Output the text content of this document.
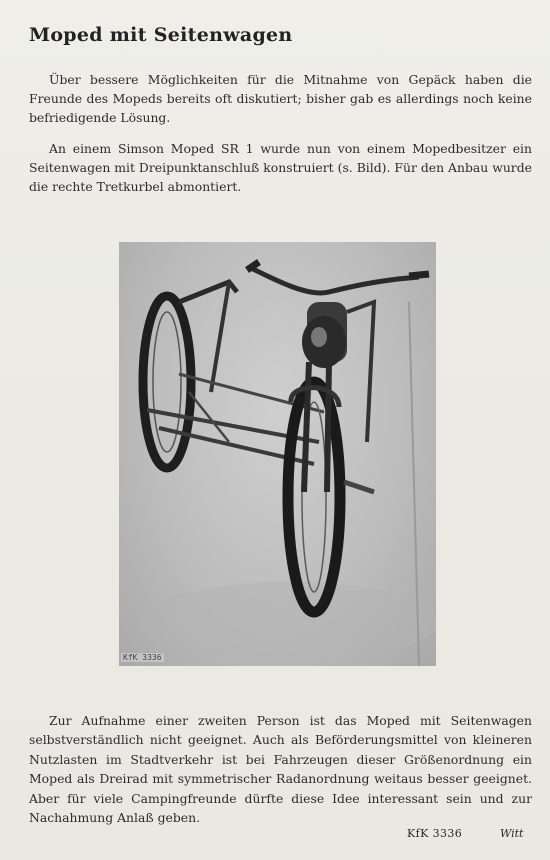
Moped mit Seitenwagen

Über bessere Möglichkeiten für die Mitnahme von Gepäck haben die Freunde des Mopeds bereits oft diskutiert; bisher gab es allerdings noch keine befriedigende Lösung.

An einem Simson Moped SR 1 wurde nun von einem Mopedbesitzer ein Seitenwagen mit Dreipunktanschluß konstruiert (s. Bild). Für den Anbau wurde die rechte Tretkurbel abmontiert.

KfK 3336

Zur Aufnahme einer zweiten Person ist das Moped mit Seitenwagen selbstverständlich nicht geeignet. Auch als Beförderungsmittel von kleineren Nutzlasten im Stadtverkehr ist bei Fahrzeugen dieser Größenordnung ein Moped als Dreirad mit symmetrischer Radanordnung weitaus besser geeignet. Aber für viele Campingfreunde dürfte diese Idee interessant sein und zur Nachahmung Anlaß geben.

KfK 3336	Witt
